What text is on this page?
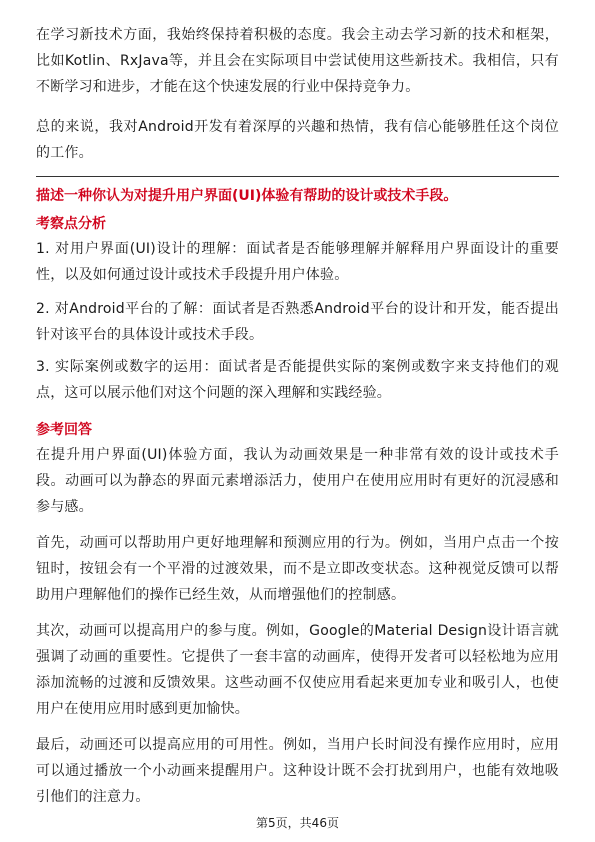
在学习新技术方面，我始终保持着积极的态度。我会主动去学习新的技术和框架，比如Kotlin、RxJava等，并且会在实际项目中尝试使用这些新技术。我相信，只有不断学习和进步，才能在这个快速发展的行业中保持竞争力。

总的来说，我对Android开发有着深厚的兴趣和热情，我有信心能够胜任这个岗位的工作。

描述一种你认为对提升用户界面(UI)体验有帮助的设计或技术手段。

考察点分析

1. 对用户界面(UI)设计的理解：面试者是否能够理解并解释用户界面设计的重要性，以及如何通过设计或技术手段提升用户体验。

2. 对Android平台的了解：面试者是否熟悉Android平台的设计和开发，能否提出针对该平台的具体设计或技术手段。

3. 实际案例或数字的运用：面试者是否能提供实际的案例或数字来支持他们的观点，这可以展示他们对这个问题的深入理解和实践经验。

参考回答

在提升用户界面(UI)体验方面，我认为动画效果是一种非常有效的设计或技术手段。动画可以为静态的界面元素增添活力，使用户在使用应用时有更好的沉浸感和参与感。

首先，动画可以帮助用户更好地理解和预测应用的行为。例如，当用户点击一个按钮时，按钮会有一个平滑的过渡效果，而不是立即改变状态。这种视觉反馈可以帮助用户理解他们的操作已经生效，从而增强他们的控制感。

其次，动画可以提高用户的参与度。例如，Google的Material Design设计语言就强调了动画的重要性。它提供了一套丰富的动画库，使得开发者可以轻松地为应用添加流畅的过渡和反馈效果。这些动画不仅使应用看起来更加专业和吸引人，也使用户在使用应用时感到更加愉快。

最后，动画还可以提高应用的可用性。例如，当用户长时间没有操作应用时，应用可以通过播放一个小动画来提醒用户。这种设计既不会打扰到用户，也能有效地吸引他们的注意力。

第5页，共46页
